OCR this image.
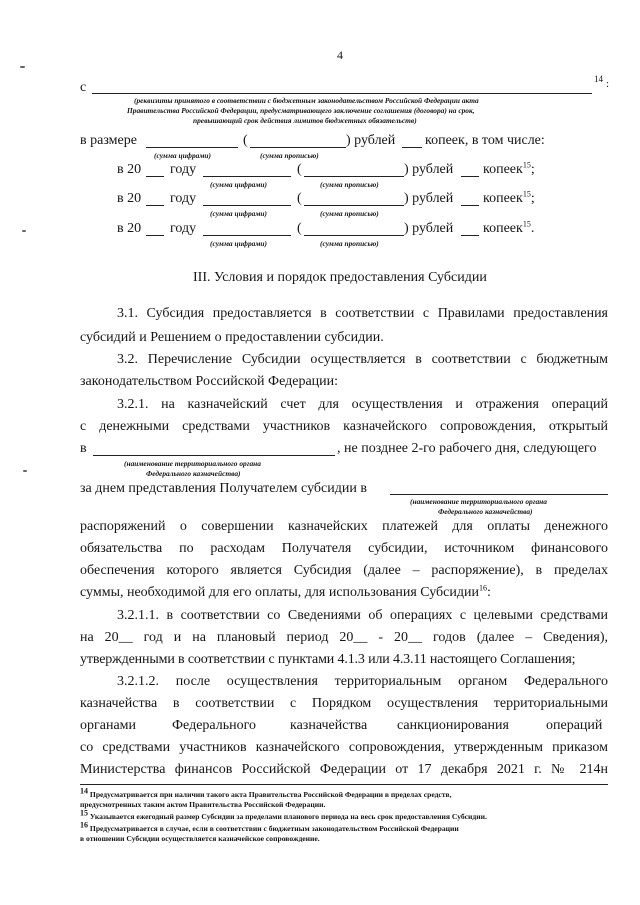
4
с
14 :
(реквизиты принятого в соответствии с бюджетным законодательством Российской Федерации акта
Правительства Российской Федерации, предусматривающего заключение соглашения (договора) на срок,
превышающий срок действия лимитов бюджетных обязательств)
в размере	(	) рублей копеек, в том числе:
(сумма цифрами)	(сумма прописью)
в 20 году	(	) рублей копеек$^{15}$;
(сумма цифрами)	(сумма прописью)
в 20 году	(	) рублей копеек$^{15}$;
(сумма цифрами)	(сумма прописью)
в 20 году	(	) рублей копеек$^{15}$.
(сумма цифрами)	(сумма прописью)
III. Условия и порядок предоставления Субсидии
3.1. Субсидия предоставляется в соответствии с Правилами предоставления
субсидий и Решением о предоставлении субсидии.
3.2. Перечисление Субсидии осуществляется в соответствии с бюджетным
законодательством Российской Федерации:
3.2.1. на казначейский счет для осуществления и отражения операций
с денежными средствами участников казначейского сопровождения, открытый
в	, не позднее 2-го рабочего дня, следующего
(наименование территориального органа
Федерального казначейства)
за днем представления Получателем субсидии в
(наименование территориального органа
Федерального казначейства)
распоряжений о совершении казначейских платежей для оплаты денежного
обязательства по расходам Получателя субсидии, источником финансового
обеспечения которого является Субсидия (далее – распоряжение), в пределах
суммы, необходимой для его оплаты, для использования Субсидии$^{16}$:
3.2.1.1. в соответствии со Сведениями об операциях с целевыми средствами
на 20__ год и на плановый период 20__ - 20__ годов (далее – Сведения),
утвержденными в соответствии с пунктами 4.1.3 или 4.3.11 настоящего Соглашения;
3.2.1.2. после осуществления территориальным органом Федерального
казначейства в соответствии с Порядком осуществления территориальными
органами	Федерального казначейства санкционирования	операций
со средствами участников казначейского сопровождения, утвержденным приказом
Министерства финансов Российской Федерации от 17 декабря 2021 г. № 214н
$^{14}$ Предусматривается при наличии такого акта Правительства Российской Федерации в пределах средств,
предусмотренных таким актом Правительства Российской Федерации.
$^{15}$ Указывается ежегодный размер Субсидии за пределами планового периода на весь срок предоставления Субсидии.
$^{16}$ Предусматривается в случае, если в соответствии с бюджетным законодательством Российской Федерации
в отношении Субсидии осуществляется казначейское сопровождение.
